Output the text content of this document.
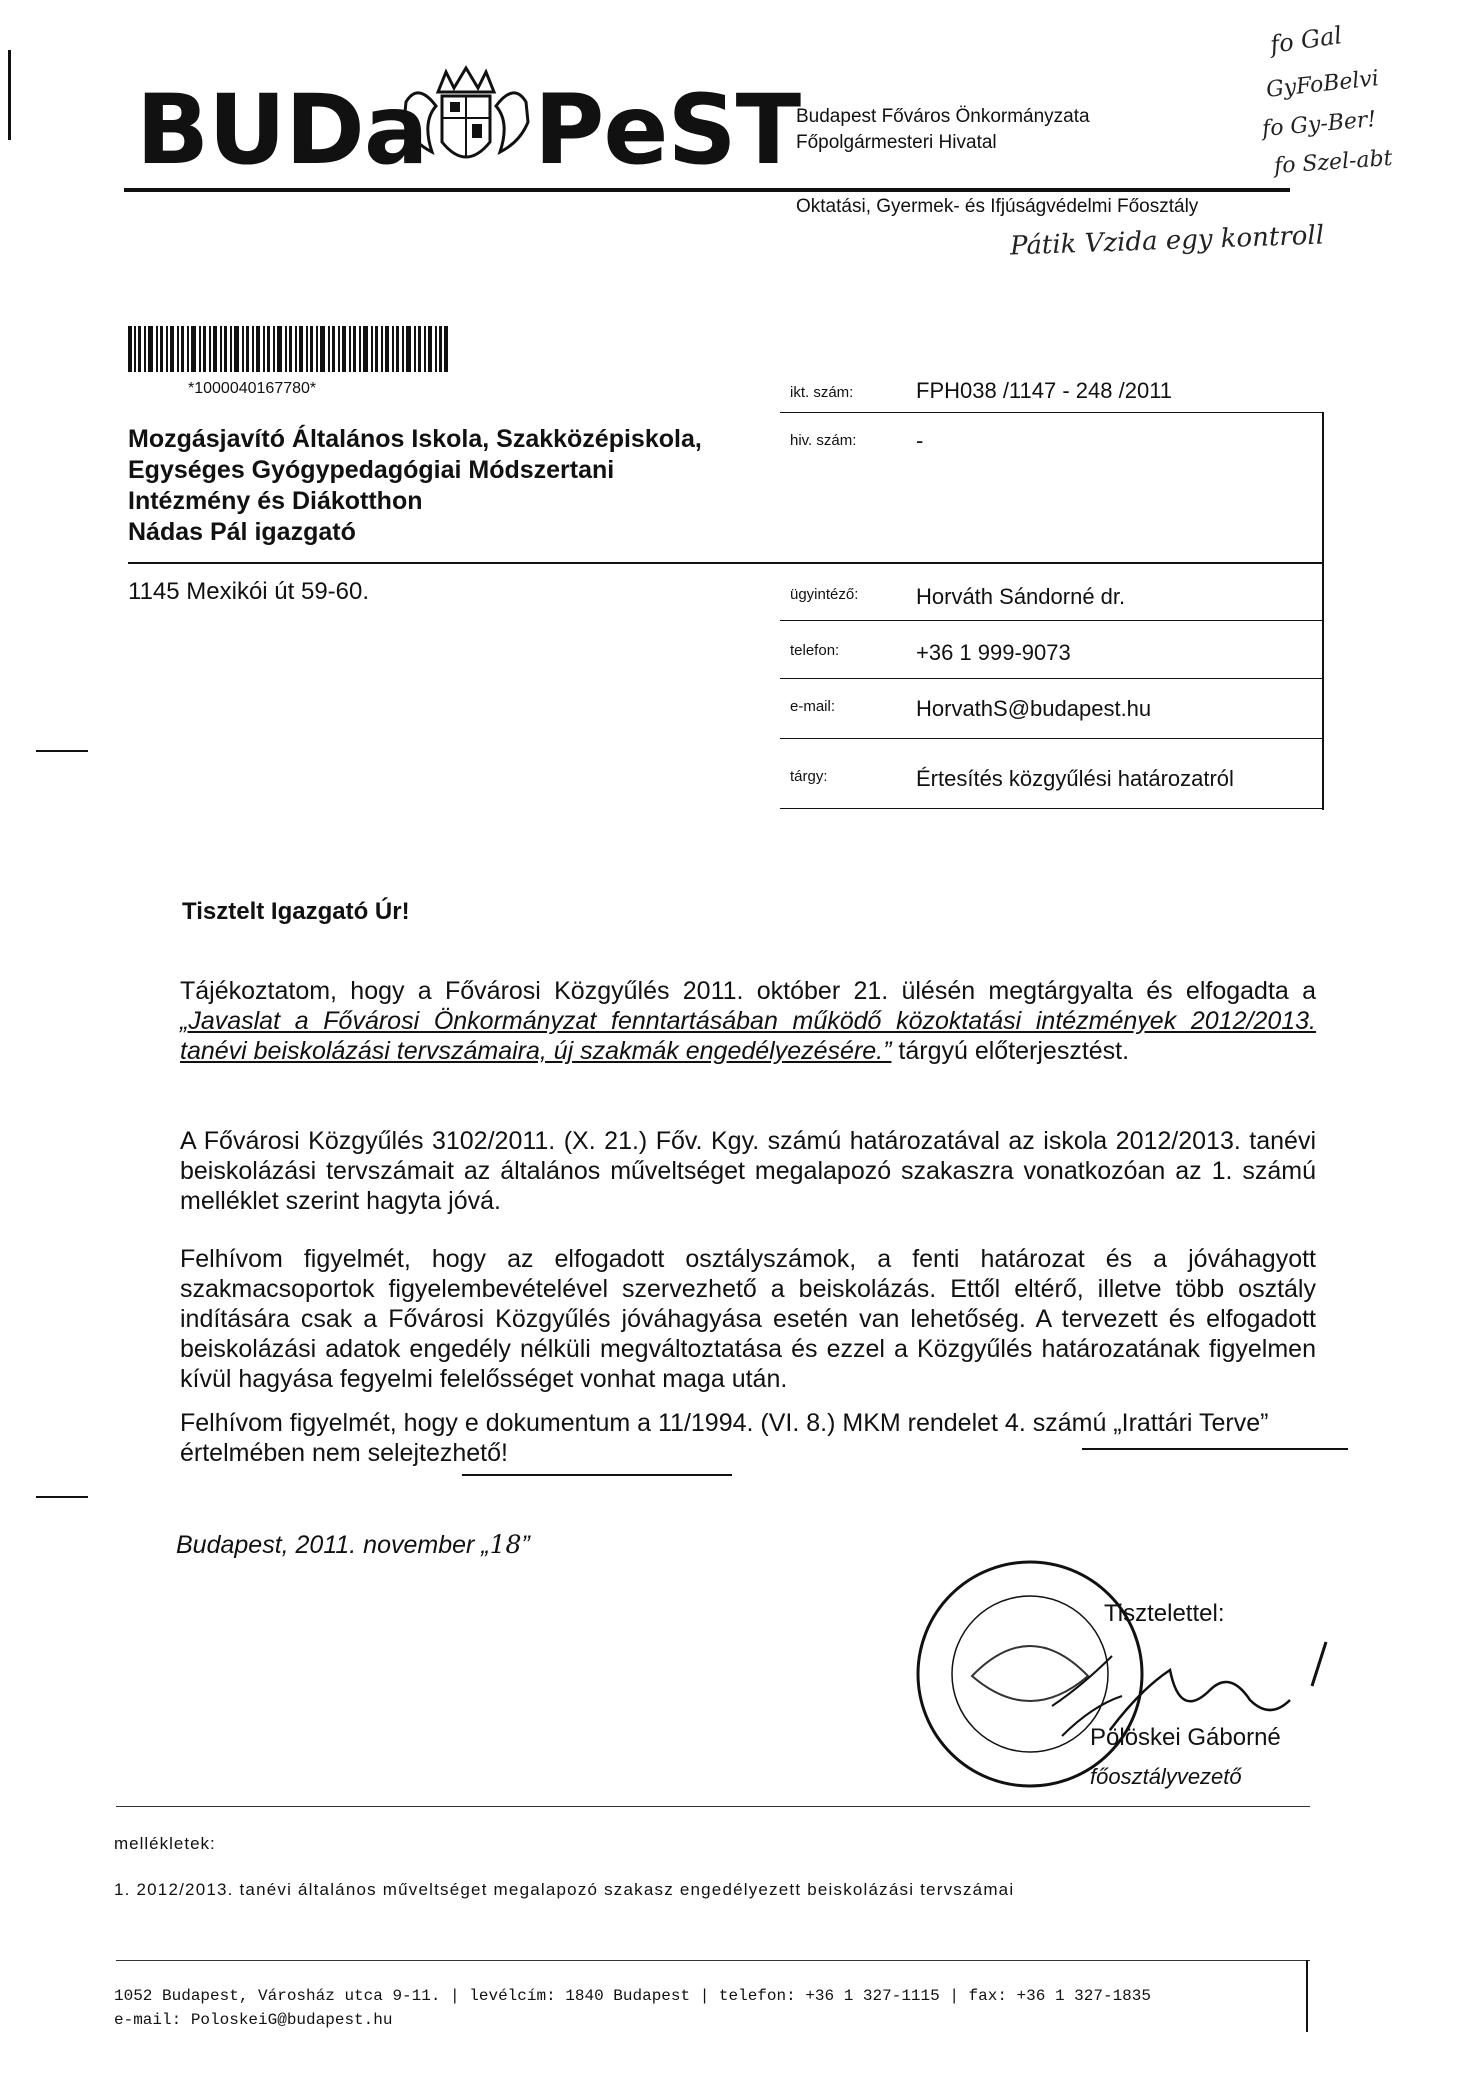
BUDa PeST
Budapest Főváros Önkormányzata
Főpolgármesteri Hivatal
Oktatási, Gyermek- és Ifjúságvédelmi Főosztály
fo Gal
GyFoBelvi
fo Gy-Ber!
fo Szel-abt
Pátik Vzida egy kontroll
*1000040167780*
Mozgásjavító Általános Iskola, Szakközépiskola,
Egységes Gyógypedagógiai Módszertani
Intézmény és Diákotthon
Nádas Pál igazgató
1145 Mexikói út 59-60.
ikt. szám:	FPH038 /1147 - 248 /2011
hiv. szám:	-
ügyintéző:	Horváth Sándorné dr.
telefon:	+36 1 999-9073
e-mail:	HorvathS@budapest.hu
tárgy:	Értesítés közgyűlési határozatról
Tisztelt Igazgató Úr!
Tájékoztatom, hogy a Fővárosi Közgyűlés 2011. október 21. ülésén megtárgyalta és elfogadta a „Javaslat a Fővárosi Önkormányzat fenntartásában működő közoktatási intézmények 2012/2013. tanévi beiskolázási tervszámaira, új szakmák engedélyezésére.” tárgyú előterjesztést.
A Fővárosi Közgyűlés 3102/2011. (X. 21.) Főv. Kgy. számú határozatával az iskola 2012/2013. tanévi beiskolázási tervszámait az általános műveltséget megalapozó szakaszra vonatkozóan az 1. számú melléklet szerint hagyta jóvá.
Felhívom figyelmét, hogy az elfogadott osztályszámok, a fenti határozat és a jóváhagyott szakmacsoportok figyelembevételével szervezhető a beiskolázás. Ettől eltérő, illetve több osztály indítására csak a Fővárosi Közgyűlés jóváhagyása esetén van lehetőség. A tervezett és elfogadott beiskolázási adatok engedély nélküli megváltoztatása és ezzel a Közgyűlés határozatának figyelmen kívül hagyása fegyelmi felelősséget vonhat maga után.
Felhívom figyelmét, hogy e dokumentum a 11/1994. (VI. 8.) MKM rendelet 4. számú „Irattári Terve” értelmében nem selejtezhető!
Budapest, 2011. november „18”
Tisztelettel:
Pölöskei Gáborné
főosztályvezető
mellékletek:
1. 2012/2013. tanévi általános műveltséget megalapozó szakasz engedélyezett beiskolázási tervszámai
1052 Budapest, Városház utca 9-11. | levélcím: 1840 Budapest | telefon: +36 1 327-1115 | fax: +36 1 327-1835
e-mail: PoloskeiG@budapest.hu
